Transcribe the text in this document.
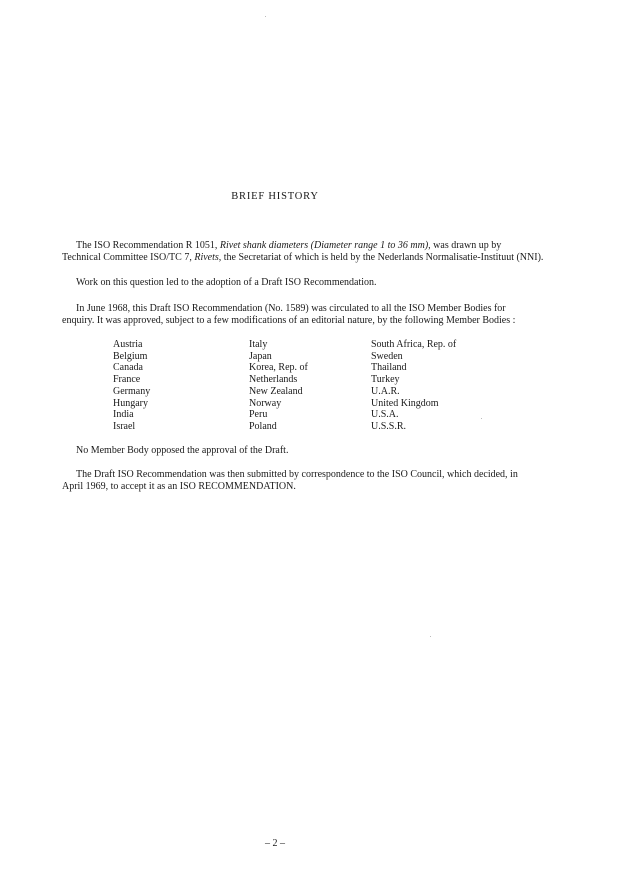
BRIEF HISTORY
The ISO Recommendation R 1051, Rivet shank diameters (Diameter range 1 to 36 mm), was drawn up by
Technical Committee ISO/TC 7, Rivets, the Secretariat of which is held by the Nederlands Normalisatie-Instituut (NNI).
Work on this question led to the adoption of a Draft ISO Recommendation.
In June 1968, this Draft ISO Recommendation (No. 1589) was circulated to all the ISO Member Bodies for
enquiry. It was approved, subject to a few modifications of an editorial nature, by the following Member Bodies :
Austria
Belgium
Canada
France
Germany
Hungary
India
Israel
Italy
Japan
Korea, Rep. of
Netherlands
New Zealand
Norway
Peru
Poland
South Africa, Rep. of
Sweden
Thailand
Turkey
U.A.R.
United Kingdom
U.S.A.
U.S.S.R.
No Member Body opposed the approval of the Draft.
The Draft ISO Recommendation was then submitted by correspondence to the ISO Council, which decided, in
April 1969, to accept it as an ISO RECOMMENDATION.
– 2 –
